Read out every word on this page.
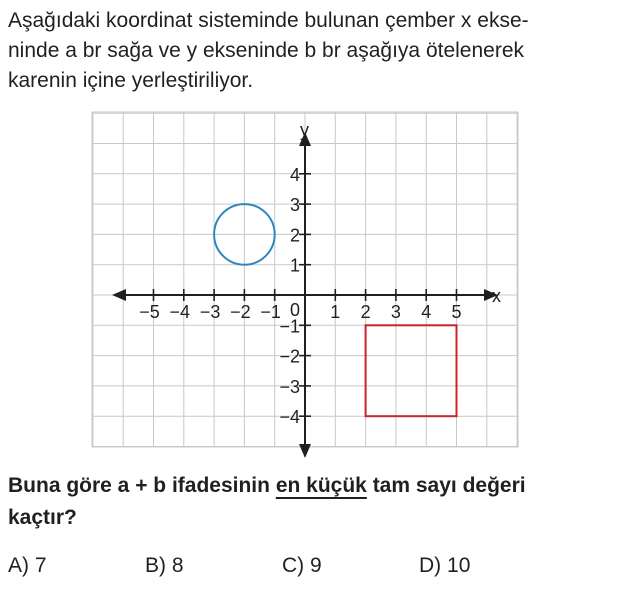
Aşağıdaki koordinat sisteminde bulunan çember x ekse-
ninde a br sağa ve y ekseninde b br aşağıya ötelenerek
karenin içine yerleştiriliyor.
x
y
0
−5 −4 −3 −2 −1	1 2 3 4 5
4
3
2
1
−1
−2
−3
−4
Buna göre a + b ifadesinin en küçük tam sayı değeri
kaçtır?
A) 7	B) 8	C) 9	D) 10
